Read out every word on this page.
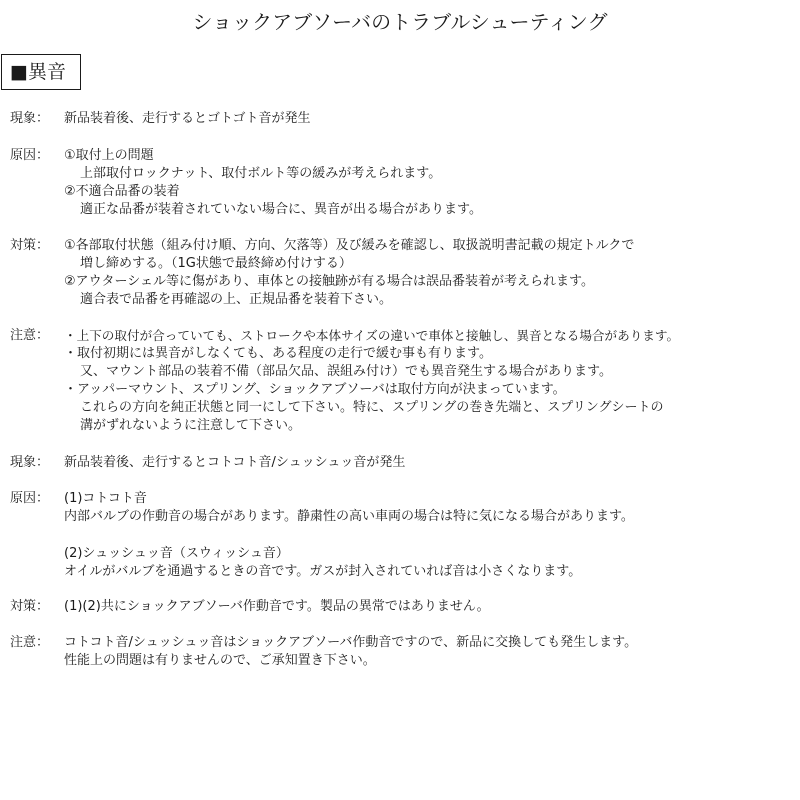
ショックアブソーバのトラブルシューティング
■異音
現象： 新品装着後、走行するとゴトゴト音が発生
原因： ①取付上の問題
上部取付ロックナット、取付ボルト等の緩みが考えられます。
②不適合品番の装着
適正な品番が装着されていない場合に、異音が出る場合があります。
対策： ①各部取付状態（組み付け順、方向、欠落等）及び緩みを確認し、取扱説明書記載の規定トルクで
増し締めする。（1G状態で最終締め付けする）
②アウターシェル等に傷があり、車体との接触跡が有る場合は誤品番装着が考えられます。
適合表で品番を再確認の上、正規品番を装着下さい。
注意： ・上下の取付が合っていても、ストロークや本体サイズの違いで車体と接触し、異音となる場合があります。
・取付初期には異音がしなくても、ある程度の走行で緩む事も有ります。
又、マウント部品の装着不備（部品欠品、誤組み付け）でも異音発生する場合があります。
・アッパーマウント、スプリング、ショックアブソーバは取付方向が決まっています。
これらの方向を純正状態と同一にして下さい。特に、スプリングの巻き先端と、スプリングシートの
溝がずれないように注意して下さい。
現象： 新品装着後、走行するとコトコト音/シュッシュッ音が発生
原因： (1)コトコト音
内部バルブの作動音の場合があります。静粛性の高い車両の場合は特に気になる場合があります。
(2)シュッシュッ音（スウィッシュ音）
オイルがバルブを通過するときの音です。ガスが封入されていれば音は小さくなります。
対策： (1)(2)共にショックアブソーバ作動音です。製品の異常ではありません。
注意： コトコト音/シュッシュッ音はショックアブソーバ作動音ですので、新品に交換しても発生します。
性能上の問題は有りませんので、ご承知置き下さい。
